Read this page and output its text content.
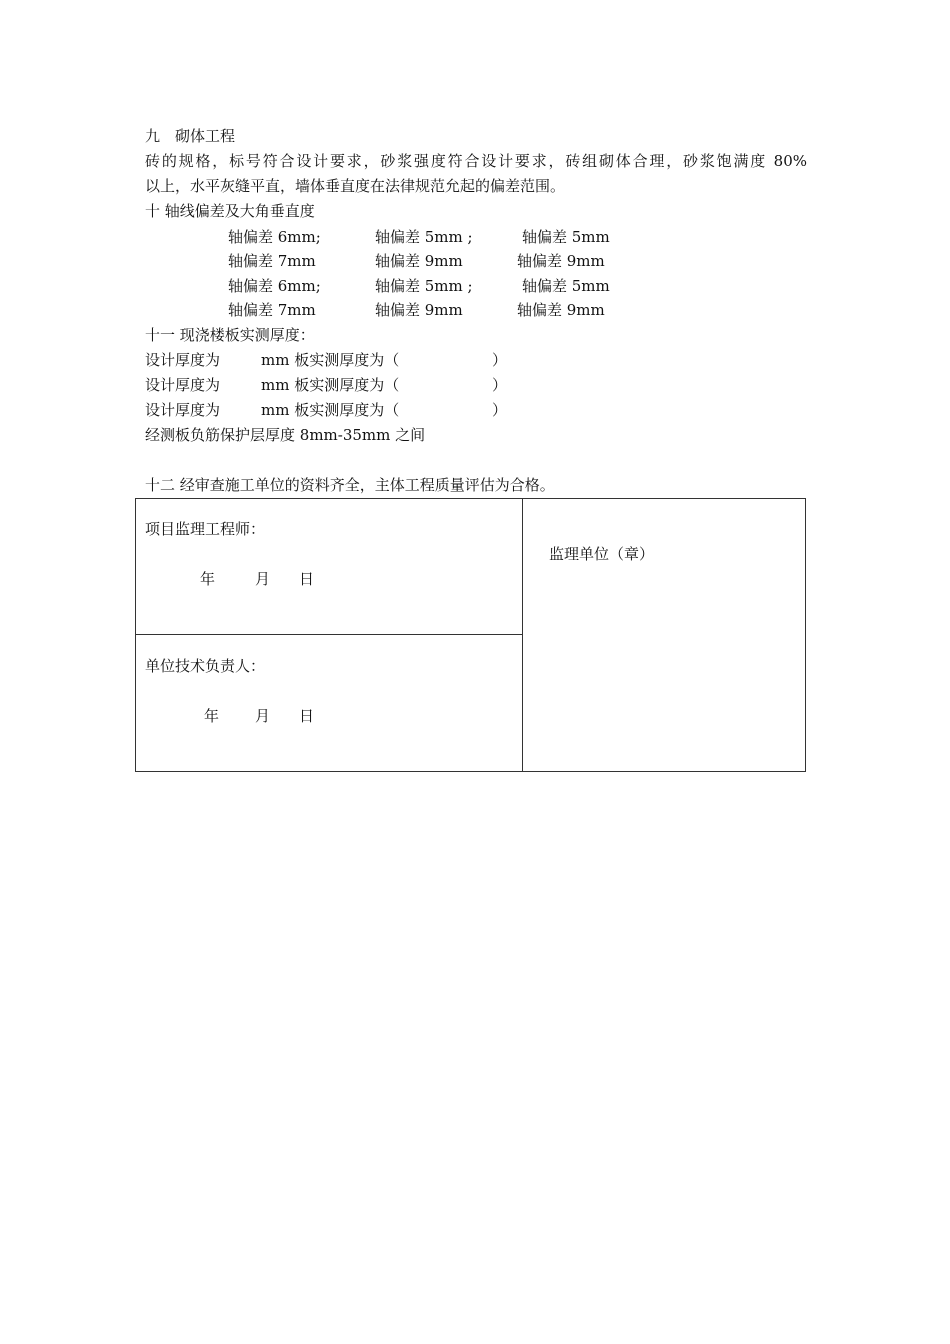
九　砌体工程
砖的规格，标号符合设计要求，砂浆强度符合设计要求，砖组砌体合理，砂浆饱满度 80%
以上，水平灰缝平直，墙体垂直度在法律规范允起的偏差范围。
十 轴线偏差及大角垂直度
轴偏差 6mm;	轴偏差 5mm ;	轴偏差 5mm
轴偏差 7mm	轴偏差 9mm	轴偏差 9mm
轴偏差 6mm;	轴偏差 5mm ;	轴偏差 5mm
轴偏差 7mm	轴偏差 9mm	轴偏差 9mm
十一 现浇楼板实测厚度：
设计厚度为	mm 板实测厚度为（	）
设计厚度为	mm 板实测厚度为（	）
设计厚度为	mm 板实测厚度为（	）
经测板负筋保护层厚度 8mm-35mm 之间
十二 经审查施工单位的资料齐全，主体工程质量评估为合格。
项目监理工程师：
年	月 日

监理单位（章）

单位技术负责人：
年 月 日
